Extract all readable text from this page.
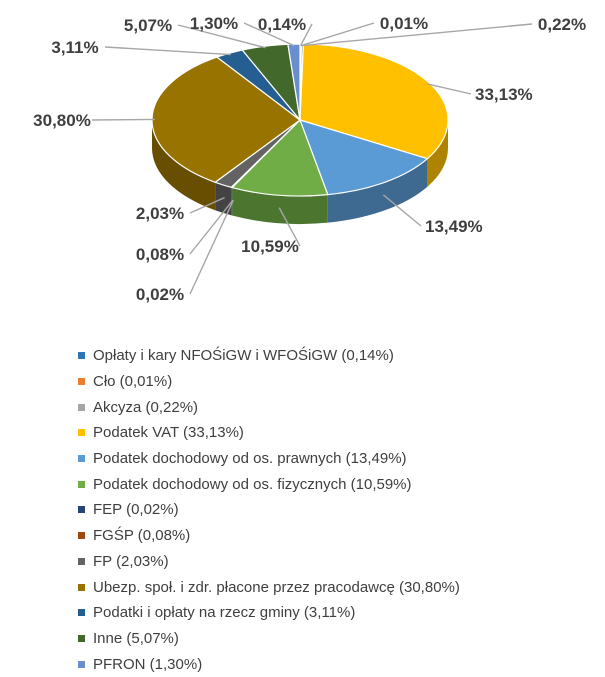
0,14%	0,01%	0,22%
33,13%
13,49%
10,59%
0,02%
0,08%
2,03%
30,80%
3,11%
5,07% 1,30%
Opłaty i kary NFOŚiGW i WFOŚiGW (0,14%)
Cło (0,01%)
Akcyza (0,22%)
Podatek VAT (33,13%)
Podatek dochodowy od os. prawnych (13,49%)
Podatek dochodowy od os. fizycznych (10,59%)
FEP (0,02%)
FGŚP (0,08%)
FP (2,03%)
Ubezp. społ. i zdr. płacone przez pracodawcę (30,80%)
Podatki i opłaty na rzecz gminy (3,11%)
Inne (5,07%)
PFRON (1,30%)
